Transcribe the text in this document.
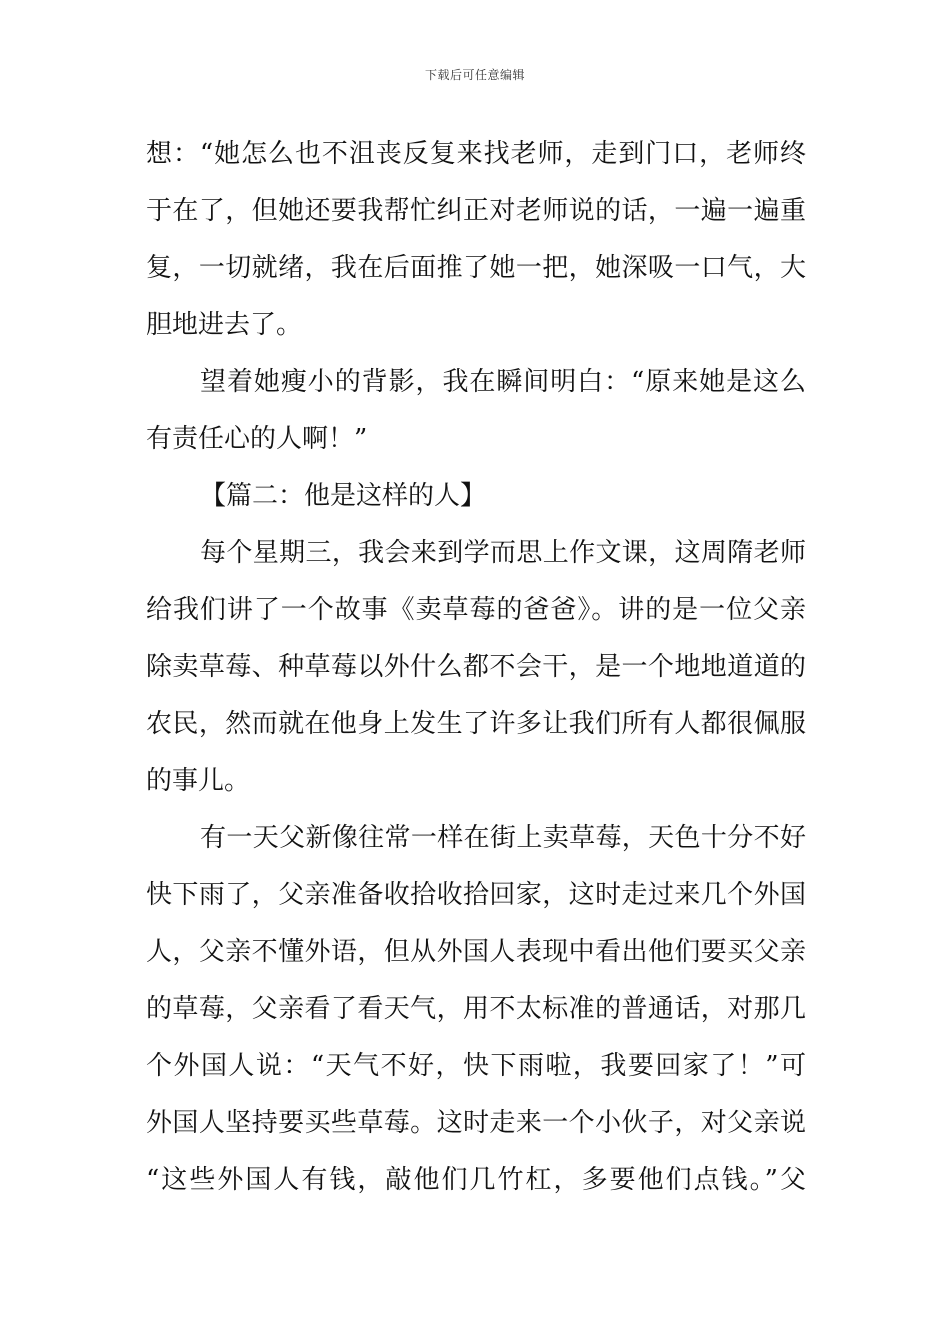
下载后可任意编辑
想：“她怎么也不沮丧反复来找老师，走到门口，老师终
于在了，但她还要我帮忙纠正对老师说的话，一遍一遍重
复，一切就绪，我在后面推了她一把，她深吸一口气，大
胆地进去了。
望着她瘦小的背影，我在瞬间明白：“原来她是这么
有责任心的人啊！”
【篇二：他是这样的人】
每个星期三，我会来到学而思上作文课，这周隋老师
给我们讲了一个故事《卖草莓的爸爸》。讲的是一位父亲
除卖草莓、种草莓以外什么都不会干，是一个地地道道的
农民，然而就在他身上发生了许多让我们所有人都很佩服
的事儿。
有一天父新像往常一样在街上卖草莓，天色十分不好
快下雨了，父亲准备收拾收拾回家，这时走过来几个外国
人，父亲不懂外语，但从外国人表现中看出他们要买父亲
的草莓，父亲看了看天气，用不太标准的普通话，对那几
个外国人说：“天气不好，快下雨啦，我要回家了！”可
外国人坚持要买些草莓。这时走来一个小伙子，对父亲说
“这些外国人有钱，敲他们几竹杠，多要他们点钱。”父
